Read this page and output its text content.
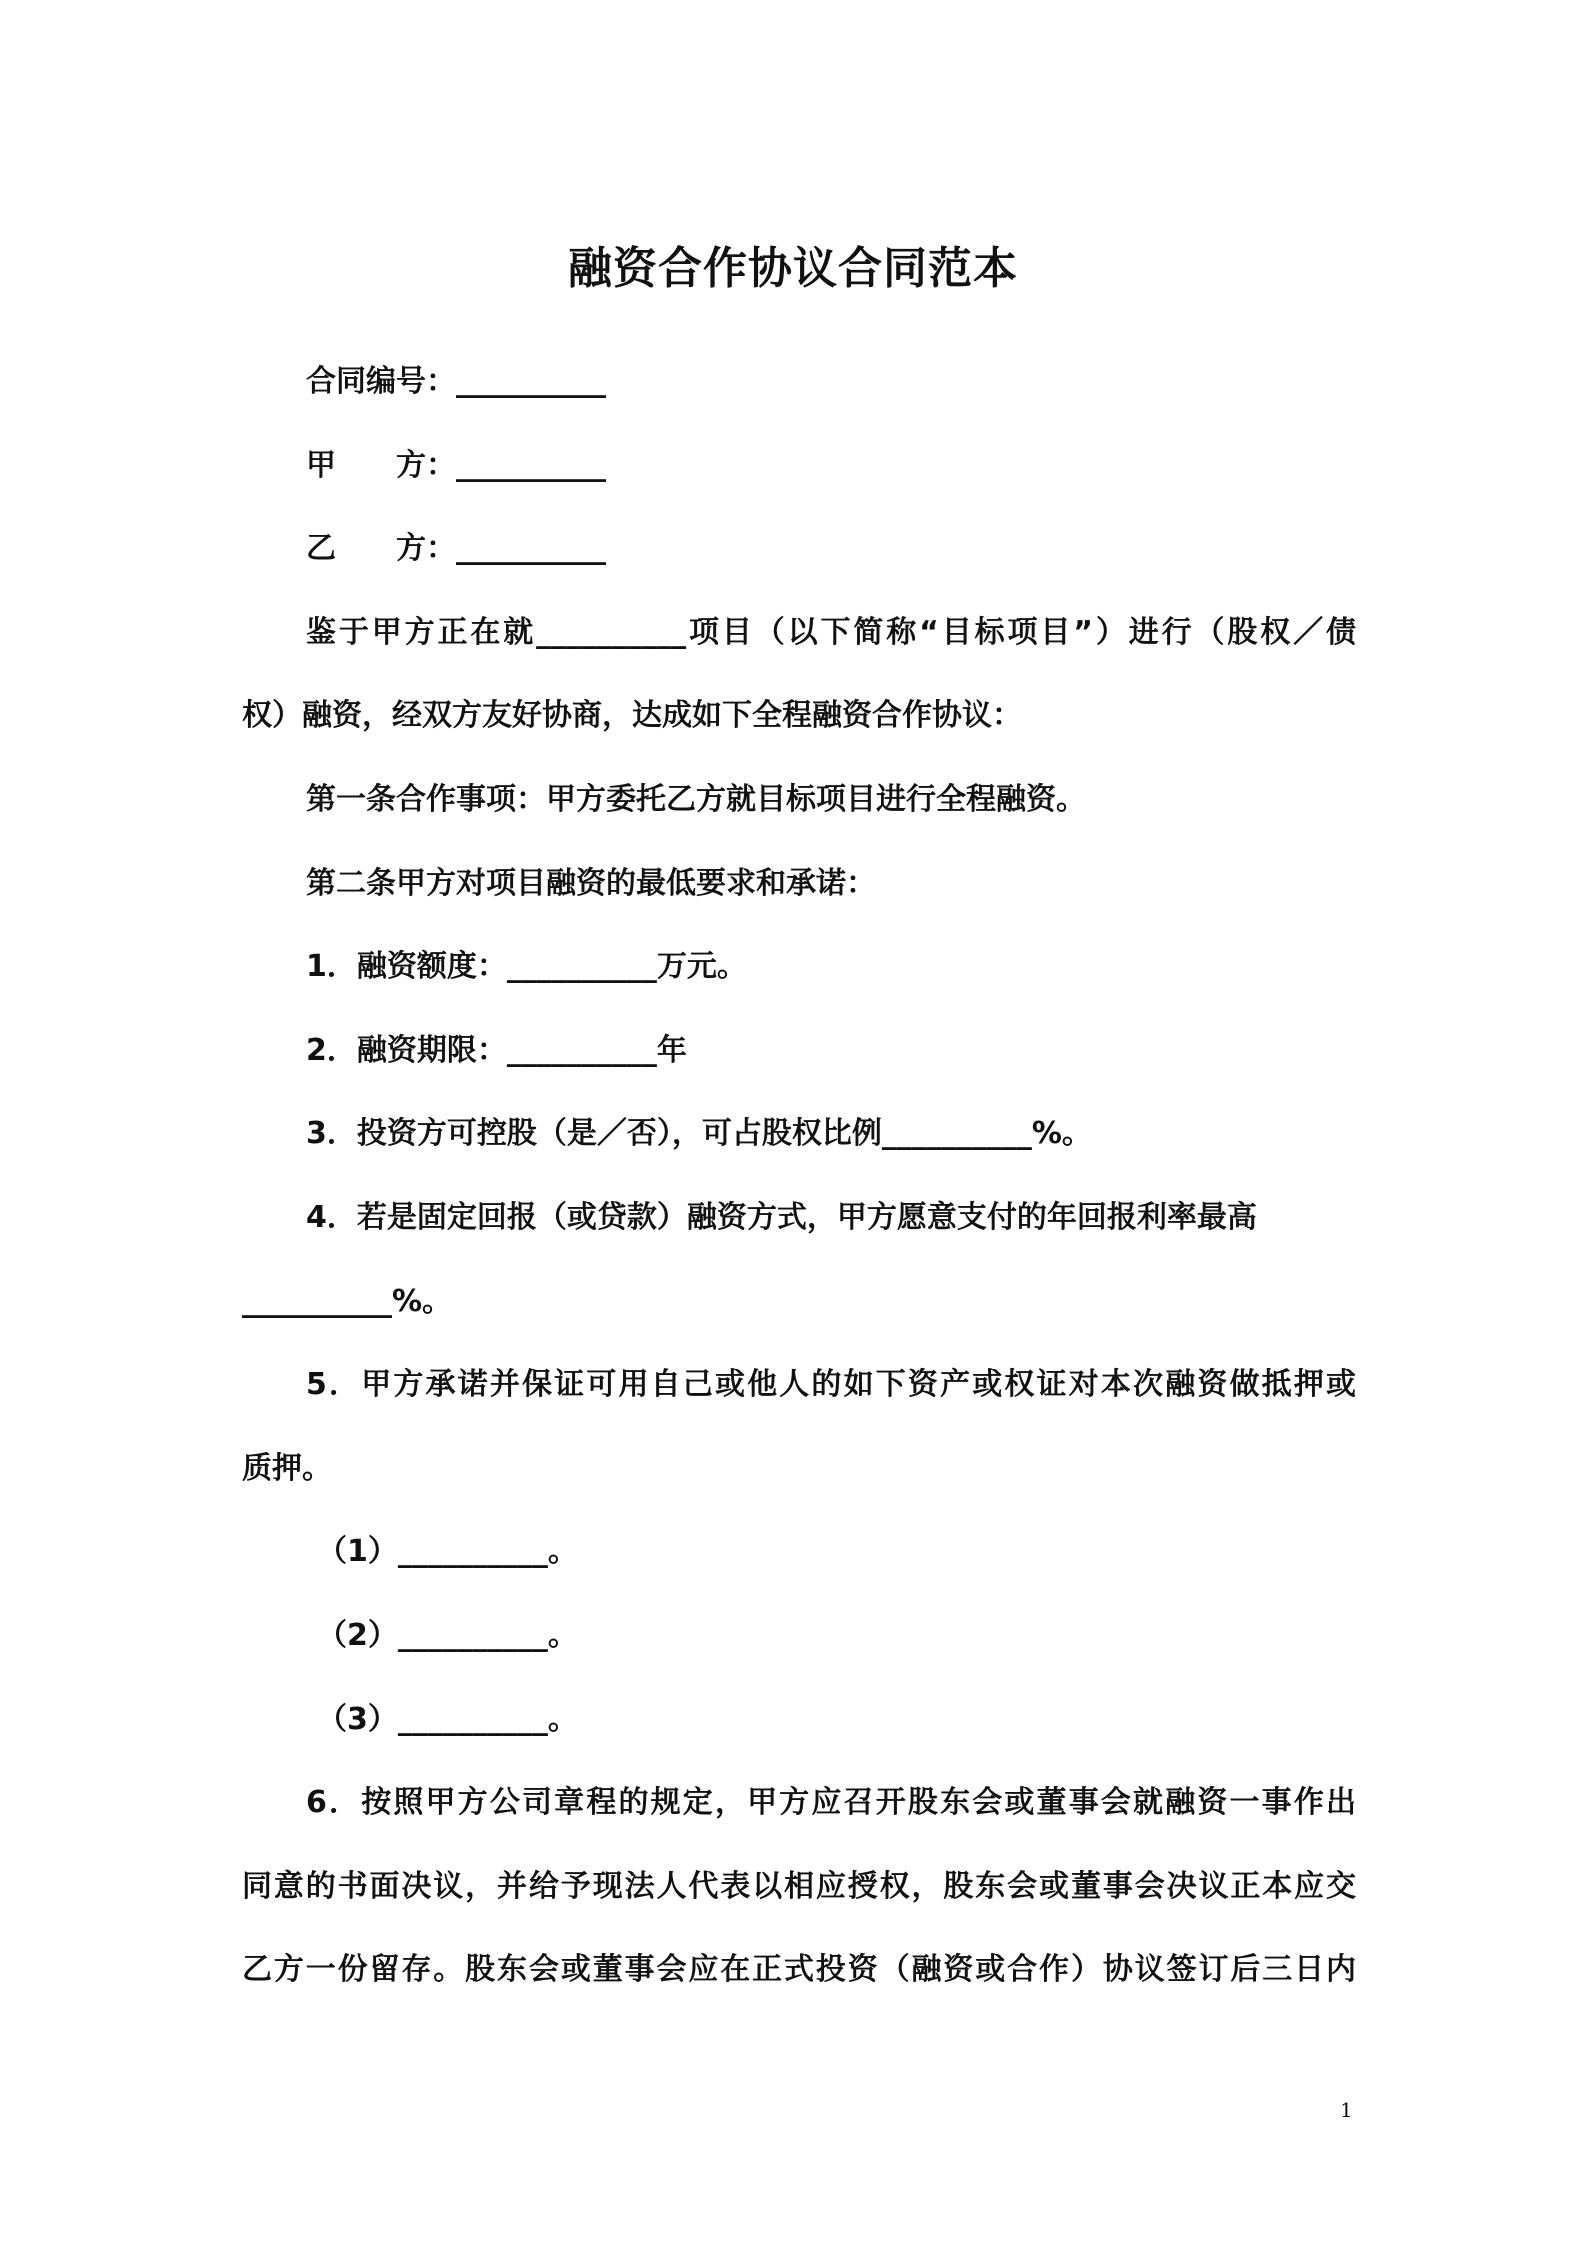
融资合作协议合同范本
合同编号：__________
甲　　方：__________
乙　　方：__________
鉴于甲方正在就__________项目（以下简称“目标项目”）进行（股权／债
权）融资，经双方友好协商，达成如下全程融资合作协议：
第一条合作事项：甲方委托乙方就目标项目进行全程融资。
第二条甲方对项目融资的最低要求和承诺：
1．融资额度：__________万元。
2．融资期限：__________年
3．投资方可控股（是／否），可占股权比例__________%。
4．若是固定回报（或贷款）融资方式，甲方愿意支付的年回报利率最高
__________%。
5．甲方承诺并保证可用自己或他人的如下资产或权证对本次融资做抵押或
质押。
（1）__________。
（2）__________。
（3）__________。
6．按照甲方公司章程的规定，甲方应召开股东会或董事会就融资一事作出
同意的书面决议，并给予现法人代表以相应授权，股东会或董事会决议正本应交
乙方一份留存。股东会或董事会应在正式投资（融资或合作）协议签订后三日内
1
